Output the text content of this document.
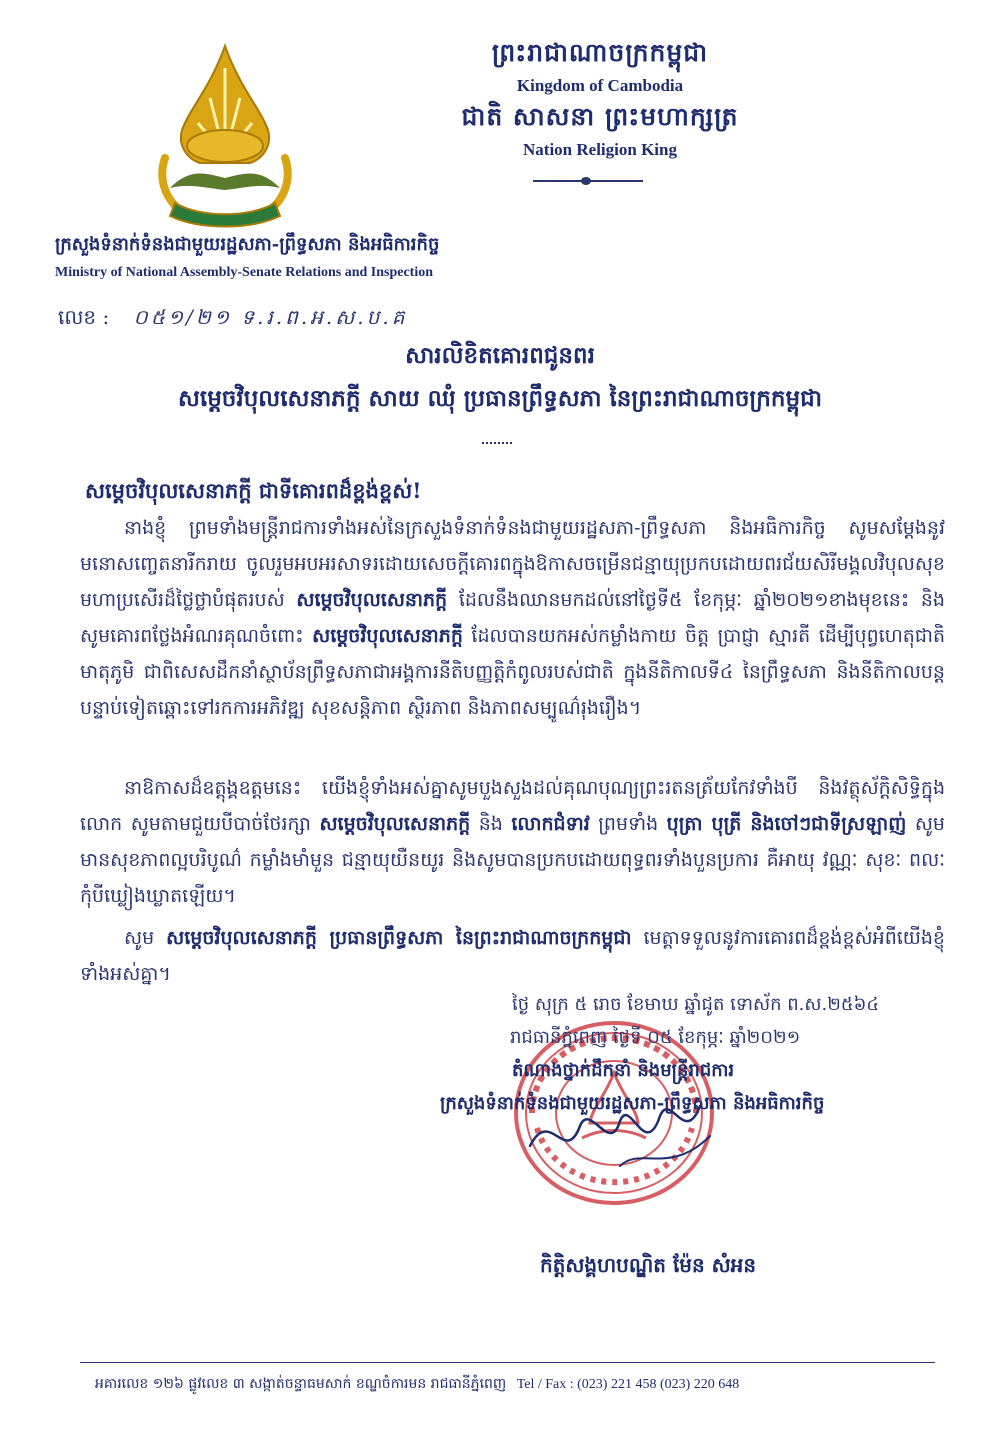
ព្រះរាជាណាចក្រកម្ពុជា
Kingdom of Cambodia
ជាតិ សាសនា ព្រះមហាក្សត្រ
Nation Religion King
ក្រសួងទំនាក់ទំនងជាមួយរដ្ឋសភា-ព្រឹទ្ធសភា និងអធិការកិច្ច
Ministry of National Assembly-Senate Relations and Inspection
លេខ : ០៥១/២១ ទ.រ.ព.អ.ស.ប.គ
សារលិខិតគោរពជូនពរ
សម្តេចវិបុលសេនាភក្តី សាយ ឈុំ ប្រធានព្រឹទ្ធសភា នៃព្រះរាជាណាចក្រកម្ពុជា
សម្តេចវិបុលសេនាភក្តី ជាទីគោរពដ៏ខ្ពង់ខ្ពស់!
នាងខ្ញុំ ព្រមទាំងមន្ត្រីរាជការទាំងអស់នៃក្រសួងទំនាក់ទំនងជាមួយរដ្ឋសភា-ព្រឹទ្ធសភា និងអធិការកិច្ច សូមសម្តែងនូវមនោសញ្ចេតនារីករាយ ចូលរួមអបអរសាទរដោយសេចក្តីគោរពក្នុងឱកាសចម្រើនជន្មាយុប្រកបដោយពរជ័យសិរីមង្គលវិបុលសុខ មហាប្រសើរដ៏ថ្លៃថ្លាបំផុតរបស់ សម្តេចវិបុលសេនាភក្តី ដែលនឹងឈានមកដល់នៅថ្ងៃទី៥ ខែកុម្ភៈ ឆ្នាំ២០២១ខាងមុខនេះ និងសូមគោរពថ្លែងអំណរគុណចំពោះ សម្តេចវិបុលសេនាភក្តី ដែលបានយកអស់កម្លាំងកាយ ចិត្ត ប្រាជ្ញា ស្មារតី ដើម្បីបុព្វហេតុជាតិមាតុភូមិ ជាពិសេសដឹកនាំស្ថាប័នព្រឹទ្ធសភាជាអង្គការនីតិបញ្ញត្តិកំពូលរបស់ជាតិ ក្នុងនីតិកាលទី៤ នៃព្រឹទ្ធសភា និងនីតិកាលបន្តបន្ទាប់ទៀតឆ្ពោះទៅរកការអភិវឌ្ឍ សុខសន្តិភាព ស្ថិរភាព និងភាពសម្បូណ៌រុងរឿង។
នាឱកាសដ៏ឧត្តុង្គឧត្តមនេះ យើងខ្ញុំទាំងអស់គ្នាសូមបួងសួងដល់គុណបុណ្យព្រះរតនត្រ័យកែវទាំងបី និងវត្ថុស័ក្តិសិទ្ធិក្នុងលោក សូមតាមជួយបីបាច់ថែរក្សា សម្តេចវិបុលសេនាភក្តី និង លោកជំទាវ ព្រមទាំង បុត្រា បុត្រី និងចៅៗជាទីស្រឡាញ់ សូមមានសុខភាពល្អបរិបូណ៌ កម្លាំងមាំមួន ជន្មាយុយឺនយូរ និងសូមបានប្រកបដោយពុទ្ធពរទាំងបួនប្រការ គឺអាយុ វណ្ណៈ សុខៈ ពលៈ កុំបីឃ្លៀងឃ្លាតឡើយ។
សូម សម្តេចវិបុលសេនាភក្តី ប្រធានព្រឹទ្ធសភា នៃព្រះរាជាណាចក្រកម្ពុជា មេត្តាទទួលនូវការគោរពដ៏ខ្ពង់ខ្ពស់អំពីយើងខ្ញុំទាំងអស់គ្នា។
ថ្ងៃ សុក្រ ៥ រោច ខែមាឃ ឆ្នាំជូត ទោស័ក ព.ស.២៥៦៤
រាជធានីភ្នំពេញ ថ្ងៃទី ០៥ ខែកុម្ភៈ ឆ្នាំ២០២១
តំណាងថ្នាក់ដឹកនាំ និងមន្ត្រីរាជការ
ក្រសួងទំនាក់ទំនងជាមួយរដ្ឋសភា-ព្រឹទ្ធសភា និងអធិការកិច្ច
កិត្តិសង្គហបណ្ឌិត ម៉ែន សំអន
អគារលេខ ១២៦ ផ្លូវលេខ ៣ សង្កាត់ចន្ទាធមសាក់ ខណ្ឌចំការមន រាជធានីភ្នំពេញ Tel / Fax : (023) 221 458 (023) 220 648
